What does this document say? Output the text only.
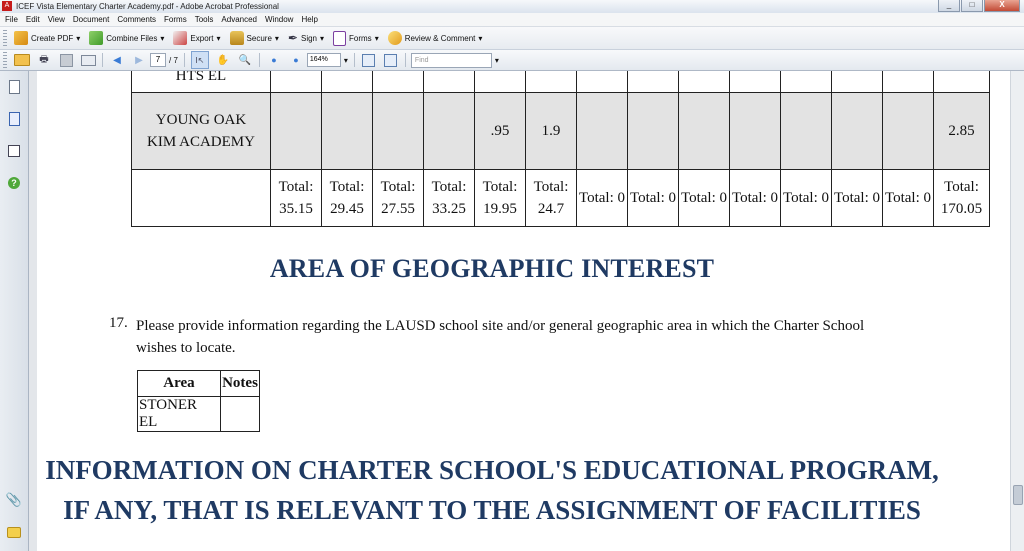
A ICEF Vista Elementary Charter Academy.pdf - Adobe Acrobat Professional	_	□	X
File	Edit	View	Document	Comments	Forms	Tools	Advanced	Window	Help
Create PDF ▾	Combine Files ▾	Export ▾	Secure ▾ ✒ Sign ▾	Forms ▾	Review & Comment ▾
🖶	◀	▶	7	/ 7	I↖	✋ 🔍	●	●	164%	▾	Find	▾
?
📎
HTS EL														
YOUNG OAK KIM ACADEMY					.95	1.9								2.85
	Total: 35.15	Total: 29.45	Total: 27.55	Total: 33.25	Total: 19.95	Total: 24.7	Total: 0	Total: 0	Total: 0	Total: 0	Total: 0	Total: 0	Total: 0	Total: 170.05
AREA OF GEOGRAPHIC INTEREST
17. Please provide information regarding the LAUSD school site and/or general geographic area in which the Charter School wishes to locate.
Area	Notes
STONER EL	
INFORMATION ON CHARTER SCHOOL'S EDUCATIONAL PROGRAM, IF ANY, THAT IS RELEVANT TO THE ASSIGNMENT OF FACILITIES
